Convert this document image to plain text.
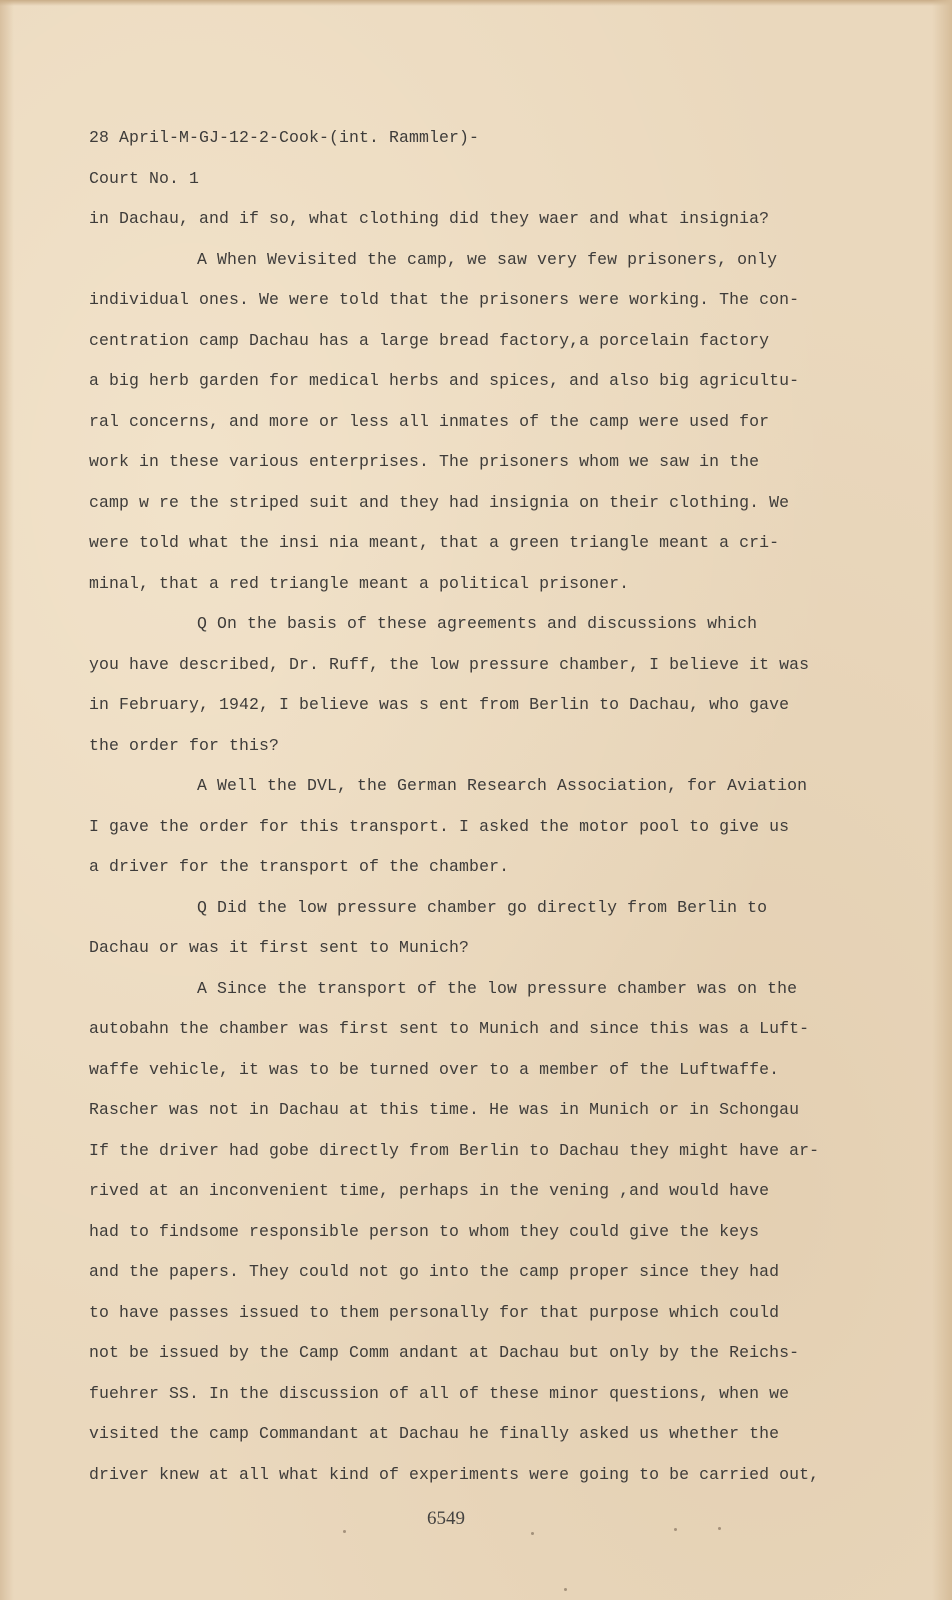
28 April-M-GJ-12-2-Cook-(int. Rammler)-
Court No. 1
in Dachau, and if so, what clothing did they waer and what insignia?
A When Wevisited the camp, we saw very few prisoners, only
individual ones. We were told that the prisoners were working. The con-
centration camp Dachau has a large bread factory,a porcelain factory
a big herb garden for medical herbs and spices, and also big agricultu-
ral concerns, and more or less all inmates of the camp were used for
work in these various enterprises. The prisoners whom we saw in the
camp w re the striped suit and they had insignia on their clothing. We
were told what the insi nia meant, that a green triangle meant a cri-
minal, that a red triangle meant a political prisoner.
Q On the basis of these agreements and discussions which
you have described, Dr. Ruff, the low pressure chamber, I believe it was
in February, 1942, I believe was s ent from Berlin to Dachau, who gave
the order for this?
A Well the DVL, the German Research Association, for Aviation
I gave the order for this transport. I asked the motor pool to give us
a driver for the transport of the chamber.
Q Did the low pressure chamber go directly from Berlin to
Dachau or was it first sent to Munich?
A Since the transport of the low pressure chamber was on the
autobahn the chamber was first sent to Munich and since this was a Luft-
waffe vehicle, it was to be turned over to a member of the Luftwaffe.
Rascher was not in Dachau at this time. He was in Munich or in Schongau
If the driver had gobe directly from Berlin to Dachau they might have ar-
rived at an inconvenient time, perhaps in the vening ,and would have
had to findsome responsible person to whom they could give the keys
and the papers. They could not go into the camp proper since they had
to have passes issued to them personally for that purpose which could
not be issued by the Camp Comm andant at Dachau but only by the Reichs-
fuehrer SS. In the discussion of all of these minor questions, when we
visited the camp Commandant at Dachau he finally asked us whether the
driver knew at all what kind of experiments were going to be carried out,
6549
